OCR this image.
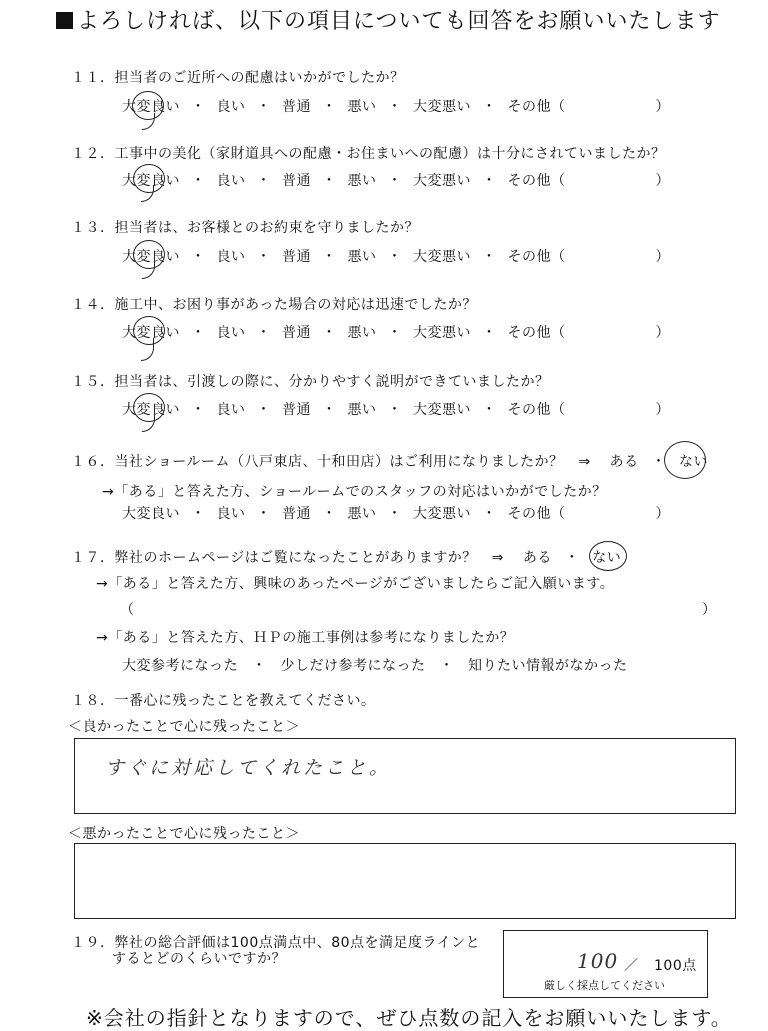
よろしければ、以下の項目についても回答をお願いいたします
１１．担当者のご近所への配慮はいかがでしたか？
大変良い ・ 良い ・ 普通 ・ 悪い ・ 大変悪い ・ その他（	）
１２．工事中の美化（家財道具への配慮・お住まいへの配慮）は十分にされていましたか？
大変良い ・ 良い ・ 普通 ・ 悪い ・ 大変悪い ・ その他（	）
１３．担当者は、お客様とのお約束を守りましたか？
大変良い ・ 良い ・ 普通 ・ 悪い ・ 大変悪い ・ その他（	）
１４．施工中、お困り事があった場合の対応は迅速でしたか？
大変良い ・ 良い ・ 普通 ・ 悪い ・ 大変悪い ・ その他（	）
１５．担当者は、引渡しの際に、分かりやすく説明ができていましたか？
大変良い ・ 良い ・ 普通 ・ 悪い ・ 大変悪い ・ その他（	）
１６．当社ショールーム（八戸東店、十和田店）はご利用になりましたか？ ⇒ ある ・ ない
→「ある」と答えた方、ショールームでのスタッフの対応はいかがでしたか？
大変良い ・ 良い ・ 普通 ・ 悪い ・ 大変悪い ・ その他（	）
１７．弊社のホームページはご覧になったことがありますか？ ⇒ ある ・ ない
→「ある」と答えた方、興味のあったページがございましたらご記入願います。
（	）
→「ある」と答えた方、ＨＰの施工事例は参考になりましたか？
大変参考になった ・ 少しだけ参考になった ・ 知りたい情報がなかった
１８．一番心に残ったことを教えてください。
＜良かったことで心に残ったこと＞
すぐに対応してくれたこと。
＜悪かったことで心に残ったこと＞
１９．弊社の総合評価は100点満点中、80点を満足度ラインと
するとどのくらいですか？	100 ／ 100点
厳しく採点してください
※会社の指針となりますので、ぜひ点数の記入をお願いいたします。
